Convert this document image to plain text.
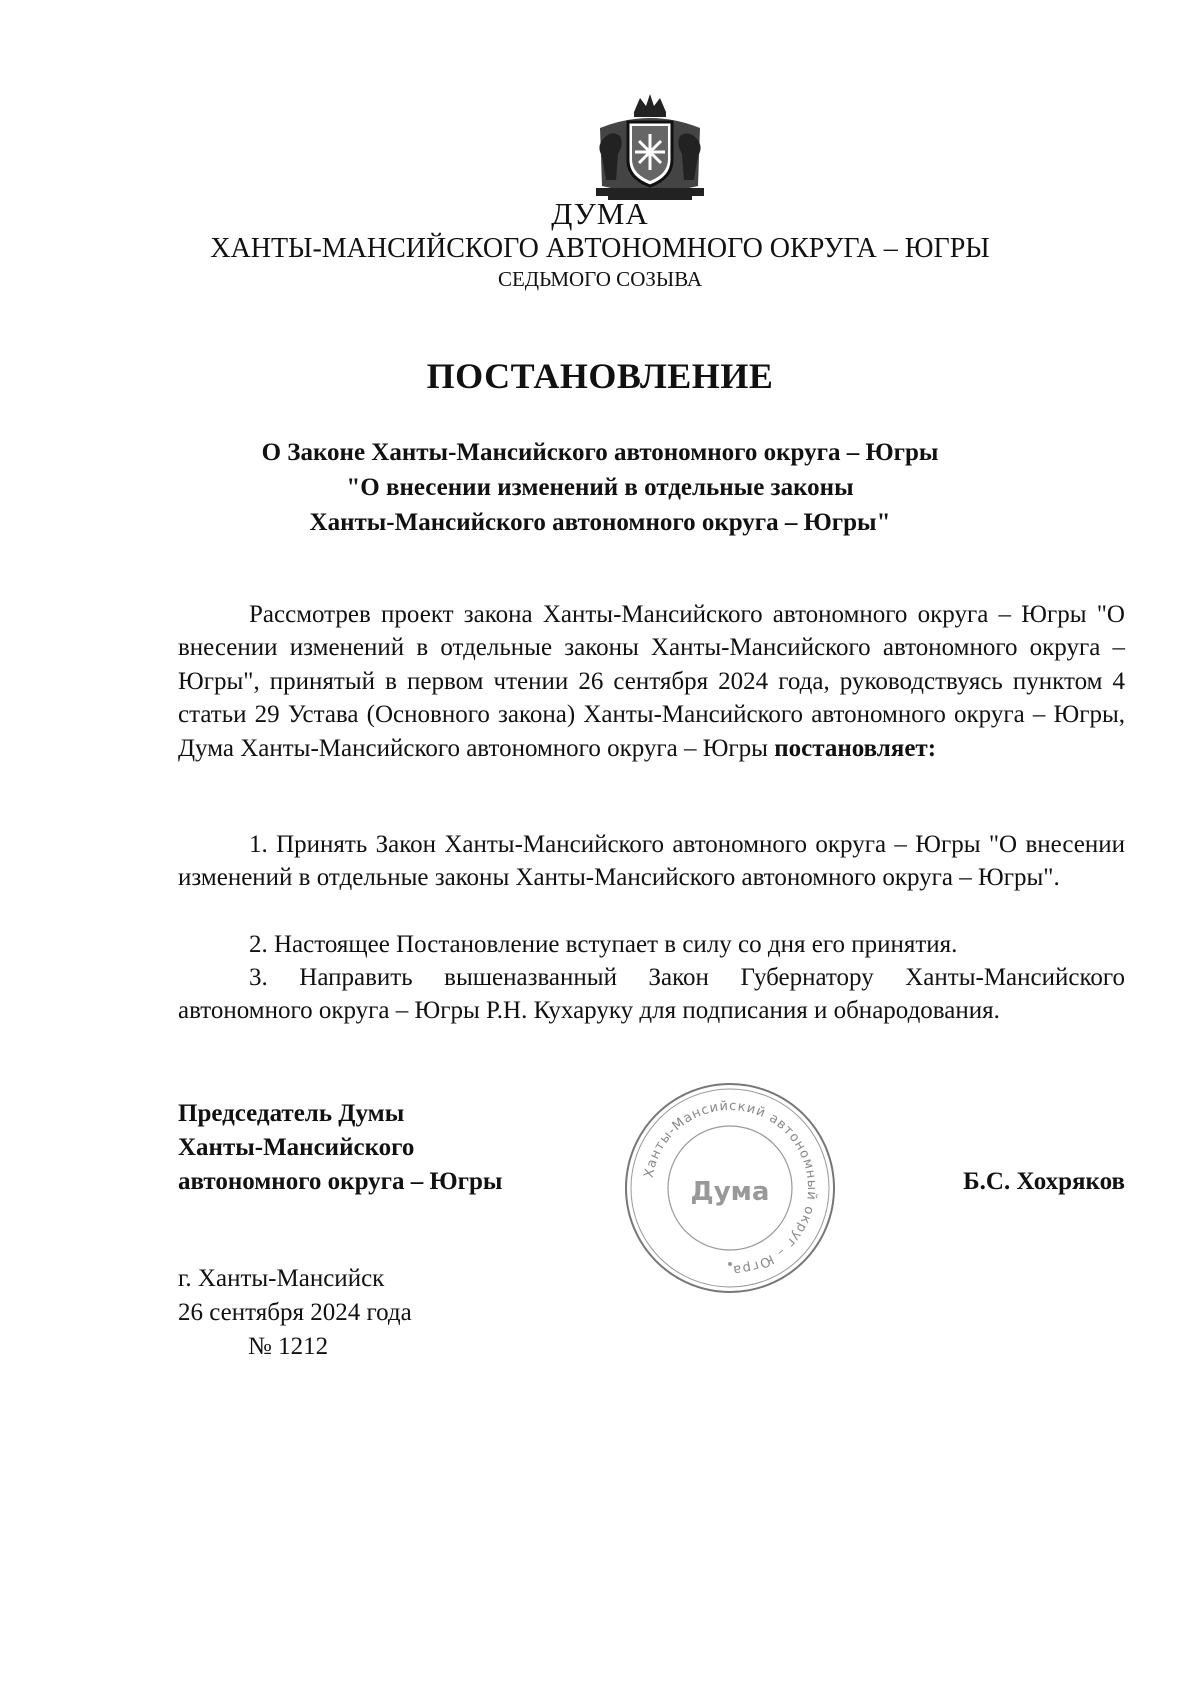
ДУМА
ХАНТЫ-МАНСИЙСКОГО АВТОНОМНОГО ОКРУГА – ЮГРЫ
СЕДЬМОГО СОЗЫВА
ПОСТАНОВЛЕНИЕ
О Законе Ханты-Мансийского автономного округа – Югры
"О внесении изменений в отдельные законы
Ханты-Мансийского автономного округа – Югры"
Рассмотрев проект закона Ханты-Мансийского автономного округа – Югры "О внесении изменений в отдельные законы Ханты-Мансийского автономного округа – Югры", принятый в первом чтении 26 сентября 2024 года, руководствуясь пунктом 4 статьи 29 Устава (Основного закона) Ханты-Мансийского автономного округа – Югры, Дума Ханты-Мансийского автономного округа – Югры постановляет:
1. Принять Закон Ханты-Мансийского автономного округа – Югры "О внесении изменений в отдельные законы Ханты-Мансийского автономного округа – Югры".
2. Настоящее Постановление вступает в силу со дня его принятия.
3. Направить вышеназванный Закон Губернатору Ханты-Мансийского автономного округа – Югры Р.Н. Кухаруку для подписания и обнародования.
Председатель Думы
Ханты-Мансийского
автономного округа – Югры	Ханты-Мансийский автономный округ – Югра
Дума	Б.С. Хохряков
г. Ханты-Мансийск
26 сентября 2024 года
№ 1212
